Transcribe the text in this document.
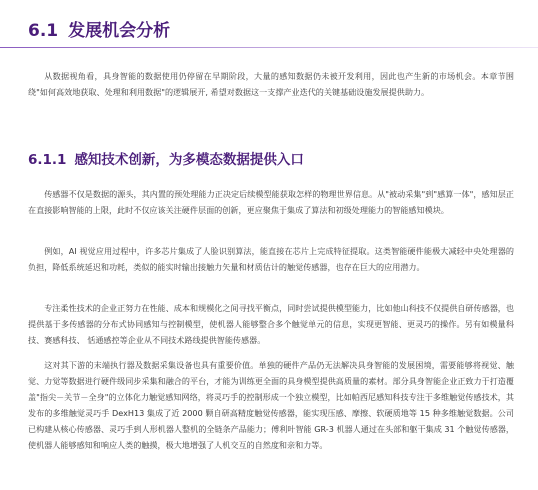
6.1 发展机会分析

从数据视角看，具身智能的数据使用仍停留在早期阶段，大量的感知数据仍未被开发利用，因此也产生新的市场机会。本章节围绕"如何高效地获取、处理和利用数据"的逻辑展开, 希望对数据这一支撑产业迭代的关键基础设施发展提供助力。

6.1.1 感知技术创新，为多模态数据提供入口

传感器不仅是数据的源头，其内置的预处理能力正决定后续模型能获取怎样的物理世界信息。从"被动采集"到"感算一体"，感知层正在直接影响智能的上限，此时不仅应该关注硬件层面的创新，更应聚焦于集成了算法和初级处理能力的智能感知模块。

例如，AI 视觉应用过程中，许多芯片集成了人脸识别算法，能直接在芯片上完成特征提取。这类智能硬件能极大减轻中央处理器的负担，降低系统延迟和功耗，类似的能实时输出接触力矢量和材质估计的触觉传感器，也存在巨大的应用潜力。

专注柔性技术的企业正努力在性能、成本和规模化之间寻找平衡点，同时尝试提供模型能力，比如他山科技不仅提供自研传感器，也提供基于多传感器的分布式协同感知与控制模型，使机器人能够整合多个触觉单元的信息，实现更智能、更灵巧的操作。另有如模量科技、赛感科技、 恬通感控等企业从不同技术路线提供智能传感器。

这对其下游的末端执行器及数据采集设备也具有重要价值。单独的硬件产品仍无法解决具身智能的发展困境，需要能够将视觉、触觉、力觉等数据进行硬件级同步采集和融合的平台，才能为训练更全面的具身模型提供高质量的素材。部分具身智能企业正致力于打造覆盖"指尖－关节－全身"的立体化力触觉感知网络，将灵巧手的控制形成一个独立模型，比如帕西尼感知科技专注于多维触觉传感技术，其发布的多维触觉灵巧手 DexH13 集成了近 2000 颗自研高精度触觉传感器，能实现压感、摩擦、软硬质地等 15 种多维触觉数据。公司已构建从核心传感器、灵巧手到人形机器人整机的全链条产品能力；傅利叶智能 GR-3 机器人通过在头部和躯干集成 31 个触觉传感器，使机器人能够感知和响应人类的触摸，极大地增强了人机交互的自然度和亲和力等。
